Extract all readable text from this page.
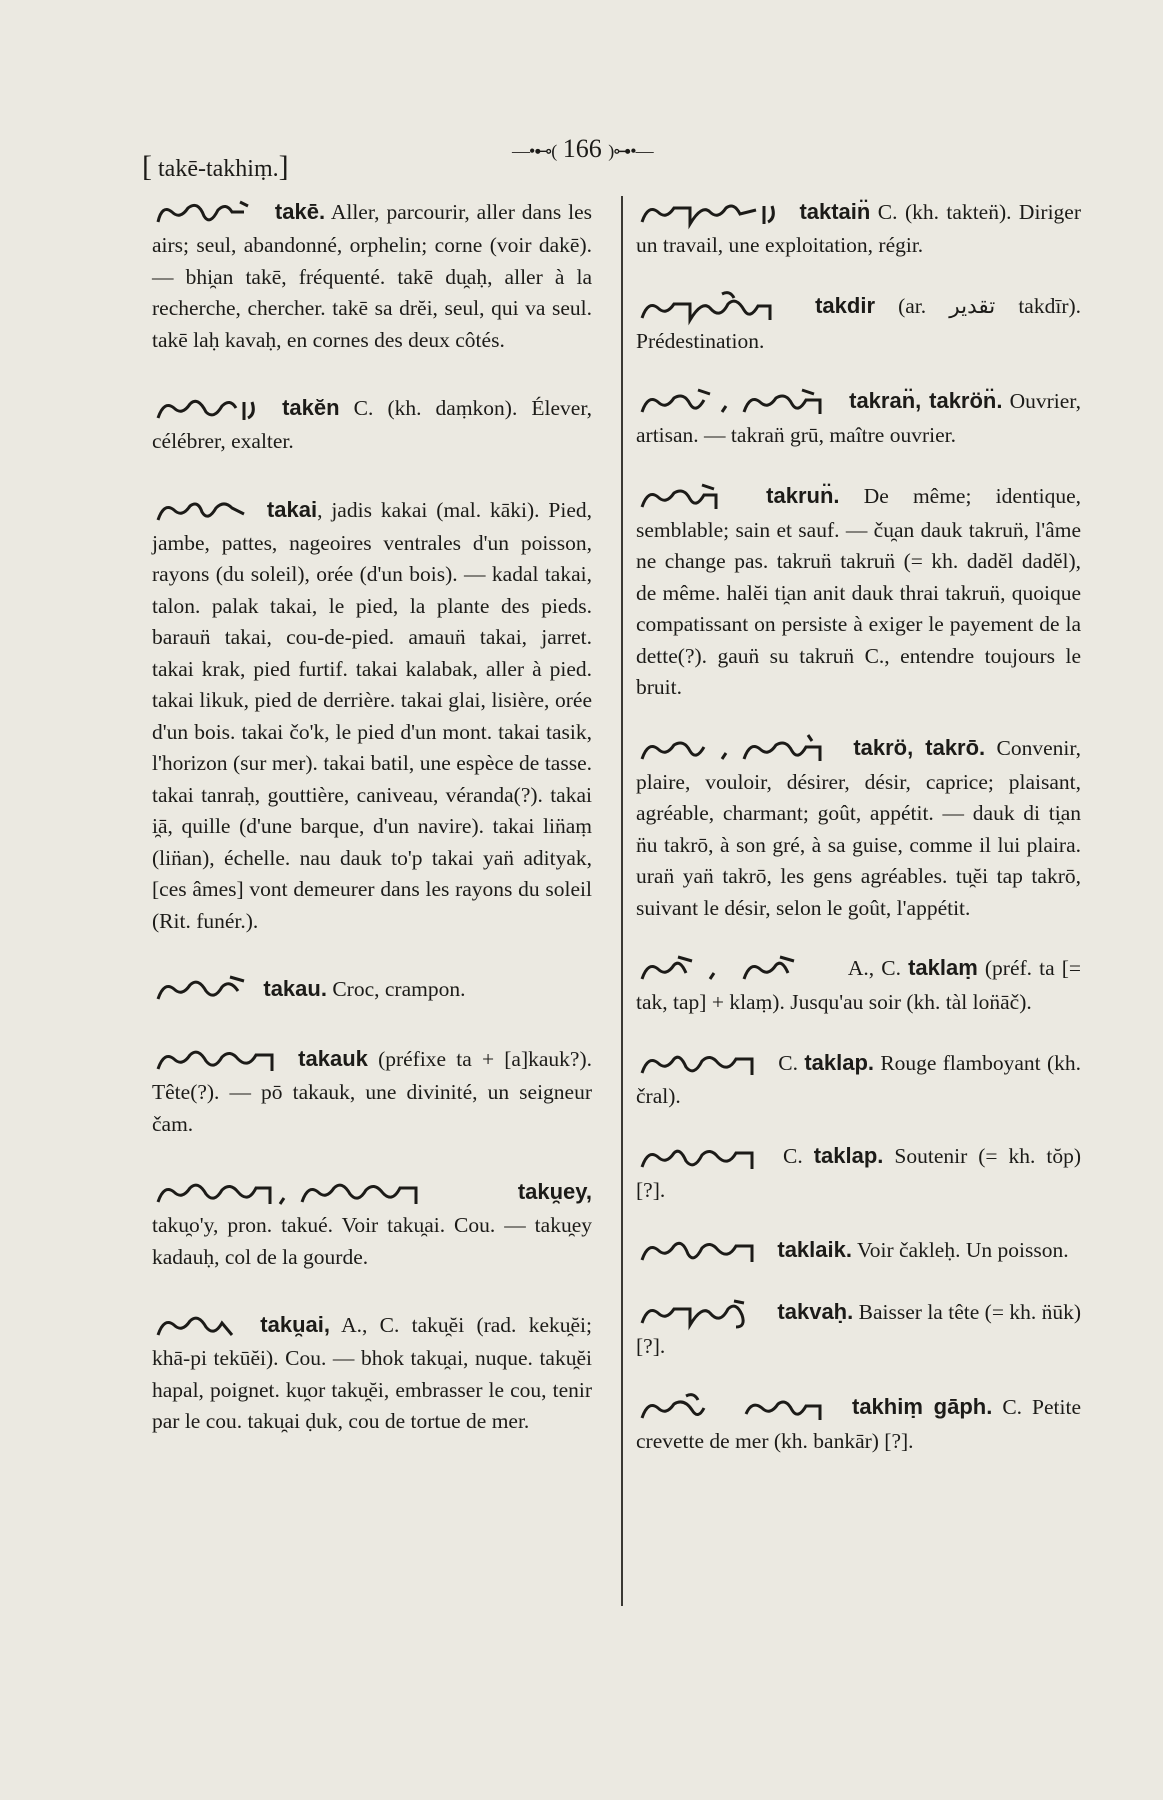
[ takē-takhiṃ.]	—•⊷( 166 )⊶•—
takē. Aller, parcourir, aller dans les airs; seul, abandonné, orphelin; corne (voir dakē). — bhi̯an takē, fréquenté. takē du̯aḥ, aller à la recherche, chercher. takē sa drĕi, seul, qui va seul. takē laḥ kavaḥ, en cornes des deux côtés.
takĕn C. (kh. daṃkon). Élever, célébrer, exalter.
takai, jadis kakai (mal. kāki). Pied, jambe, pattes, nageoires ventrales d'un poisson, rayons (du soleil), orée (d'un bois). — kadal takai, talon. palak takai, le pied, la plante des pieds. baraun̈ takai, cou-de-pied. amaun̈ takai, jarret. takai krak, pied furtif. takai kalabak, aller à pied. takai likuk, pied de derrière. takai glai, lisière, orée d'un bois. takai čo'k, le pied d'un mont. takai tasik, l'horizon (sur mer). takai batil, une espèce de tasse. takai tanraḥ, gouttière, caniveau, véranda(?). takai i̯ā, quille (d'une barque, d'un navire). takai lin̈aṃ (lin̈an), échelle. nau dauk to'p takai yan̈ adityak, [ces âmes] vont demeurer dans les rayons du soleil (Rit. funér.).
takau. Croc, crampon.
takauk (préfixe ta + [a]kauk?). Tête(?). — pō takauk, une divinité, un seigneur čam.
taku̯ey, taku̯o'y, pron. takué. Voir taku̯ai. Cou. — taku̯ey kadauḥ, col de la gourde.
taku̯ai, A., C. taku̯ĕi (rad. keku̯ĕi; khā-pi tekūĕi). Cou. — bhok taku̯ai, nuque. taku̯ĕi hapal, poignet. ku̯or taku̯ĕi, embrasser le cou, tenir par le cou. taku̯ai ḍuk, cou de tortue de mer.
taktain̈ C. (kh. takten̈). Diriger un travail, une exploitation, régir.
takdir (ar. تقدير takdīr). Prédestination.
takran̈, takrön̈. Ouvrier, artisan. — takran̈ grū, maître ouvrier.
takrun̈. De même; identique, semblable; sain et sauf. — ču̯an dauk takrun̈, l'âme ne change pas. takrun̈ takrun̈ (= kh. dadĕl dadĕl), de même. halĕi ti̯an anit dauk thrai takrun̈, quoique compatissant on persiste à exiger le payement de la dette(?). gaun̈ su takrun̈ C., entendre toujours le bruit.
takrö, takrō. Convenir, plaire, vouloir, désirer, désir, caprice; plaisant, agréable, charmant; goût, appétit. — dauk di ti̯an n̈u takrō, à son gré, à sa guise, comme il lui plaira. uran̈ yan̈ takrō, les gens agréables. tu̯ĕi tap takrō, suivant le désir, selon le goût, l'appétit.
A., C. taklaṃ (préf. ta [= tak, tap] + klaṃ). Jusqu'au soir (kh. tàl lon̈āč).
C. taklap. Rouge flamboyant (kh. čral).
C. taklap. Soutenir (= kh. tŏp) [?].
taklaik. Voir čakleḥ. Un poisson.
takvaḥ. Baisser la tête (= kh. n̈ūk) [?].
takhiṃ gāph. C. Petite crevette de mer (kh. bankār) [?].
